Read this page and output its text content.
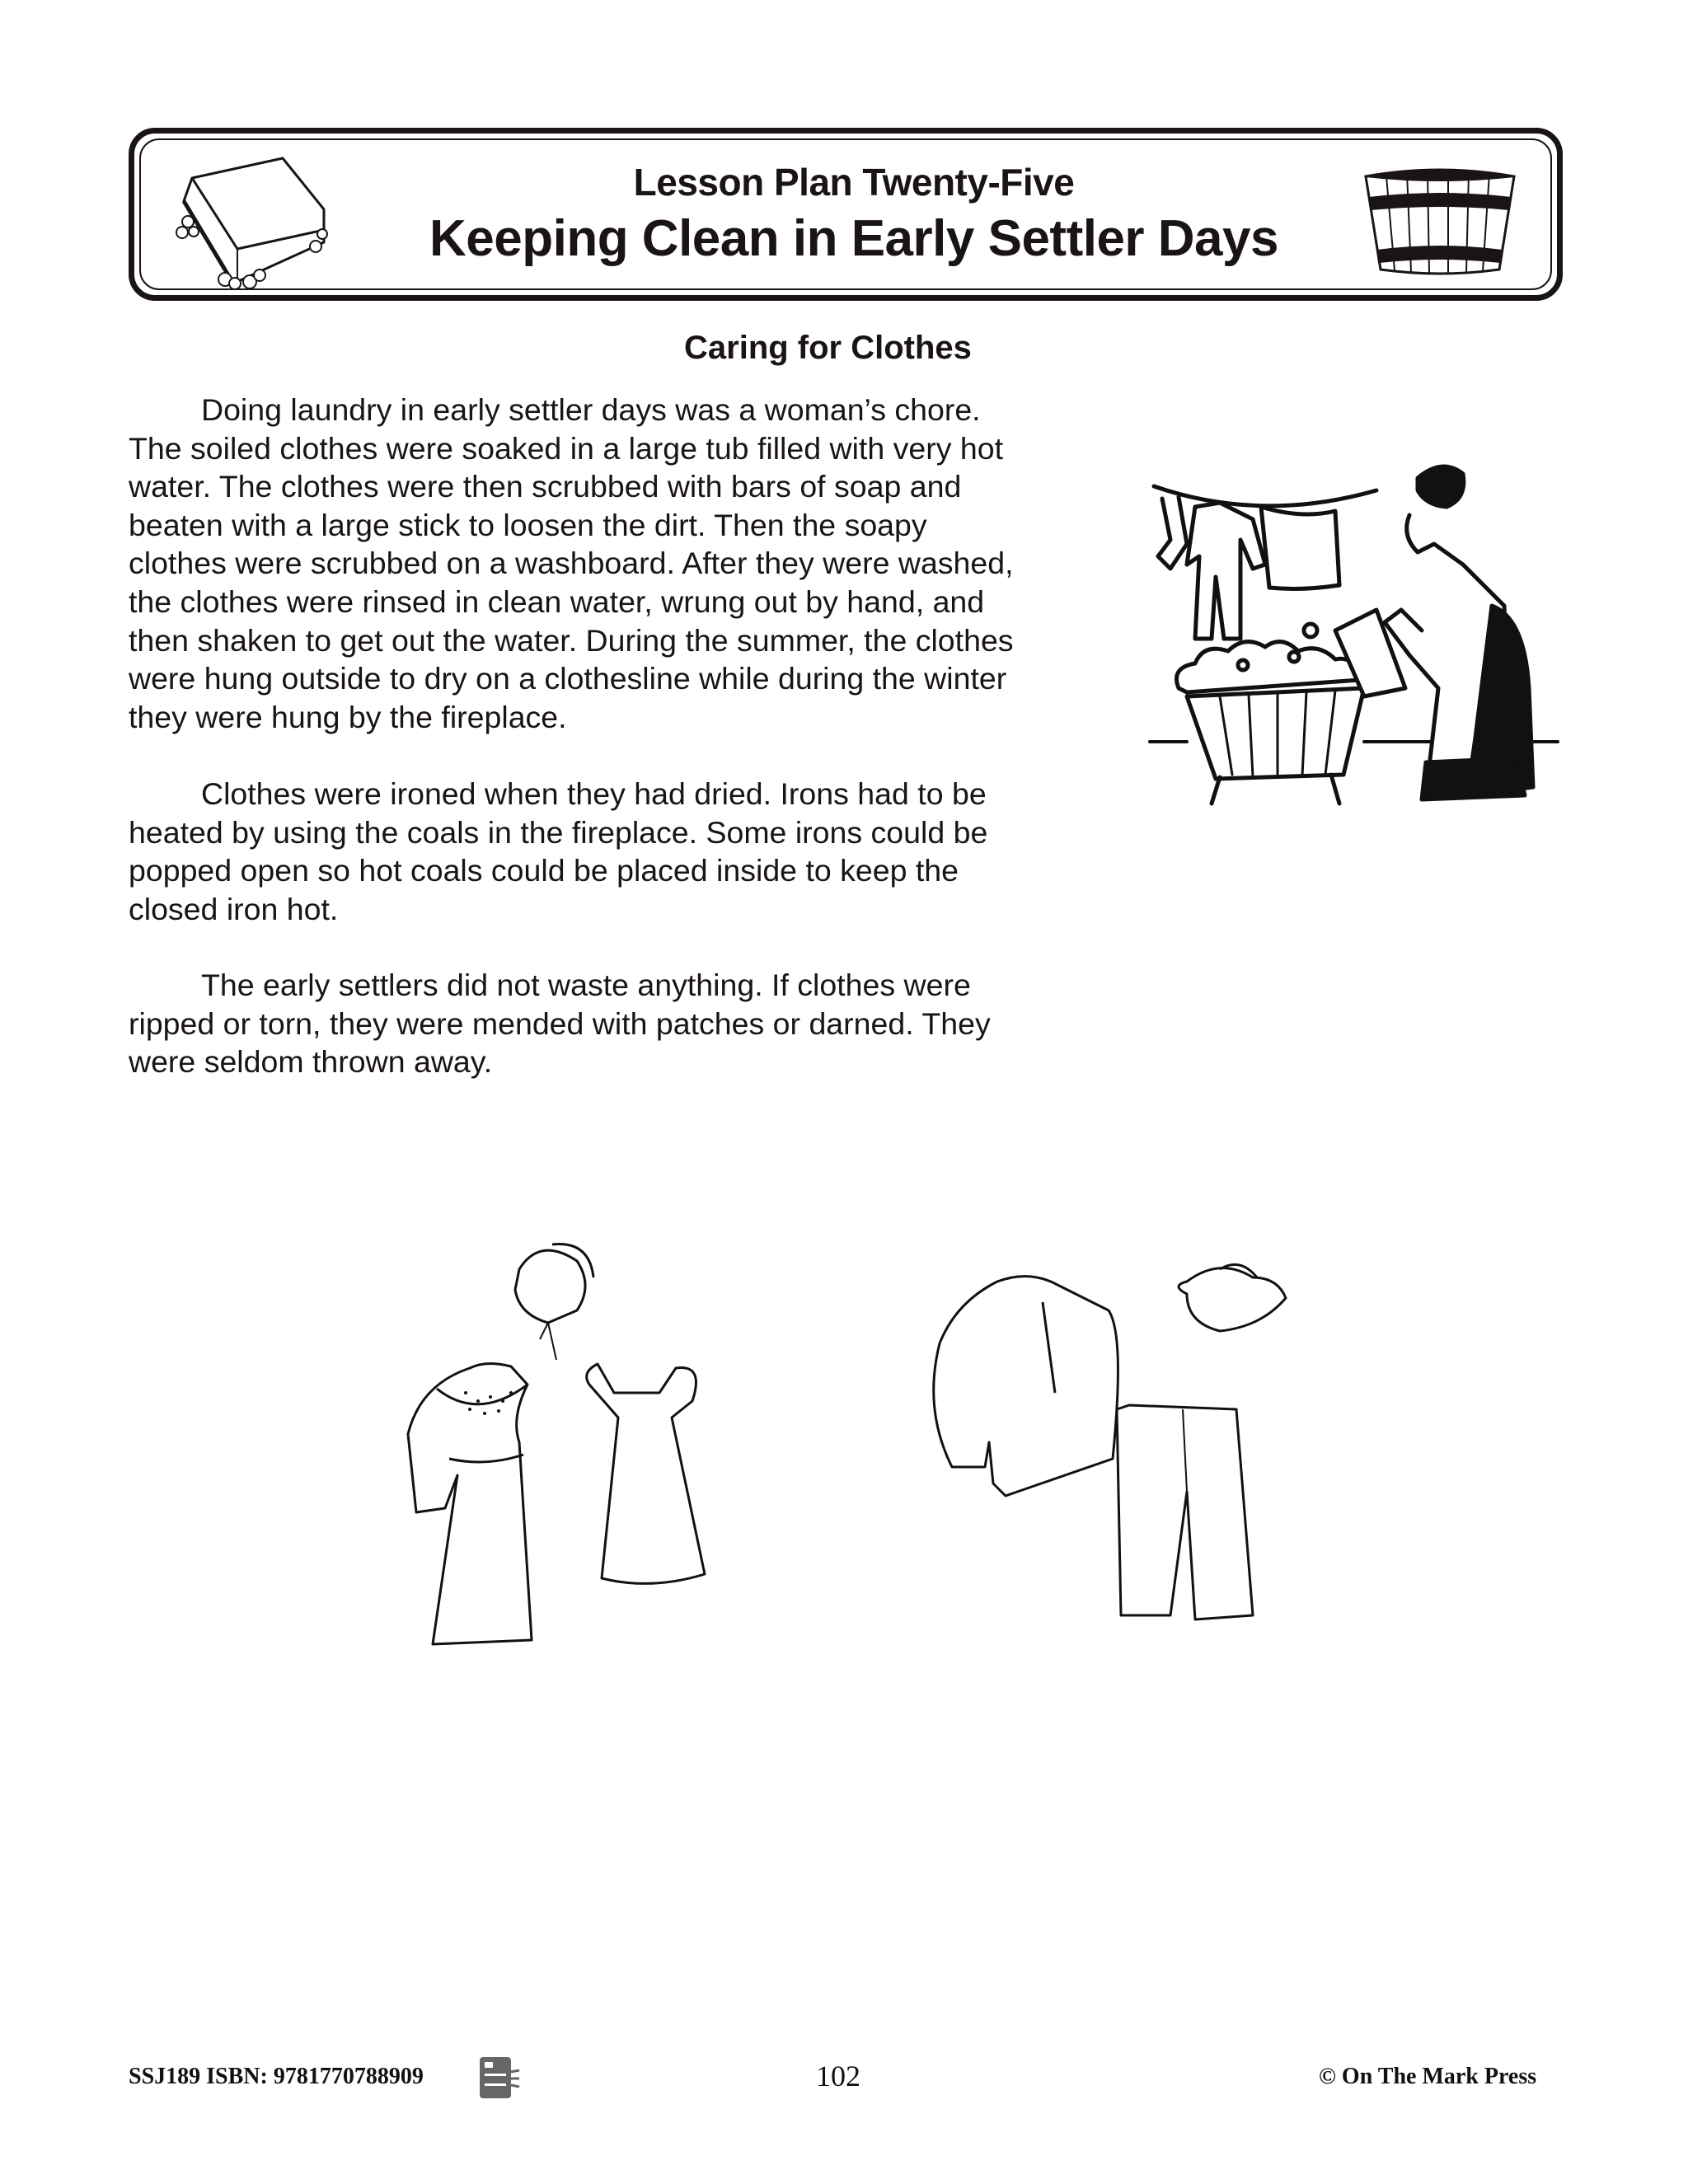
Lesson Plan Twenty-Five
Keeping Clean in Early Settler Days
Caring for Clothes
Doing laundry in early settler days was a woman’s chore.
The soiled clothes were soaked in a large tub filled with very hot
water. The clothes were then scrubbed with bars of soap and
beaten with a large stick to loosen the dirt. Then the soapy
clothes were scrubbed on a washboard. After they were washed,
the clothes were rinsed in clean water, wrung out by hand, and
then shaken to get out the water. During the summer, the clothes
were hung outside to dry on a clothesline while during the winter
they were hung by the fireplace.
Clothes were ironed when they had dried. Irons had to be
heated by using the coals in the fireplace. Some irons could be
popped open so hot coals could be placed inside to keep the
closed iron hot.
The early settlers did not waste anything. If clothes were
ripped or torn, they were mended with patches or darned. They
were seldom thrown away.
SSJ189 ISBN: 9781770788909	102	© On The Mark Press
